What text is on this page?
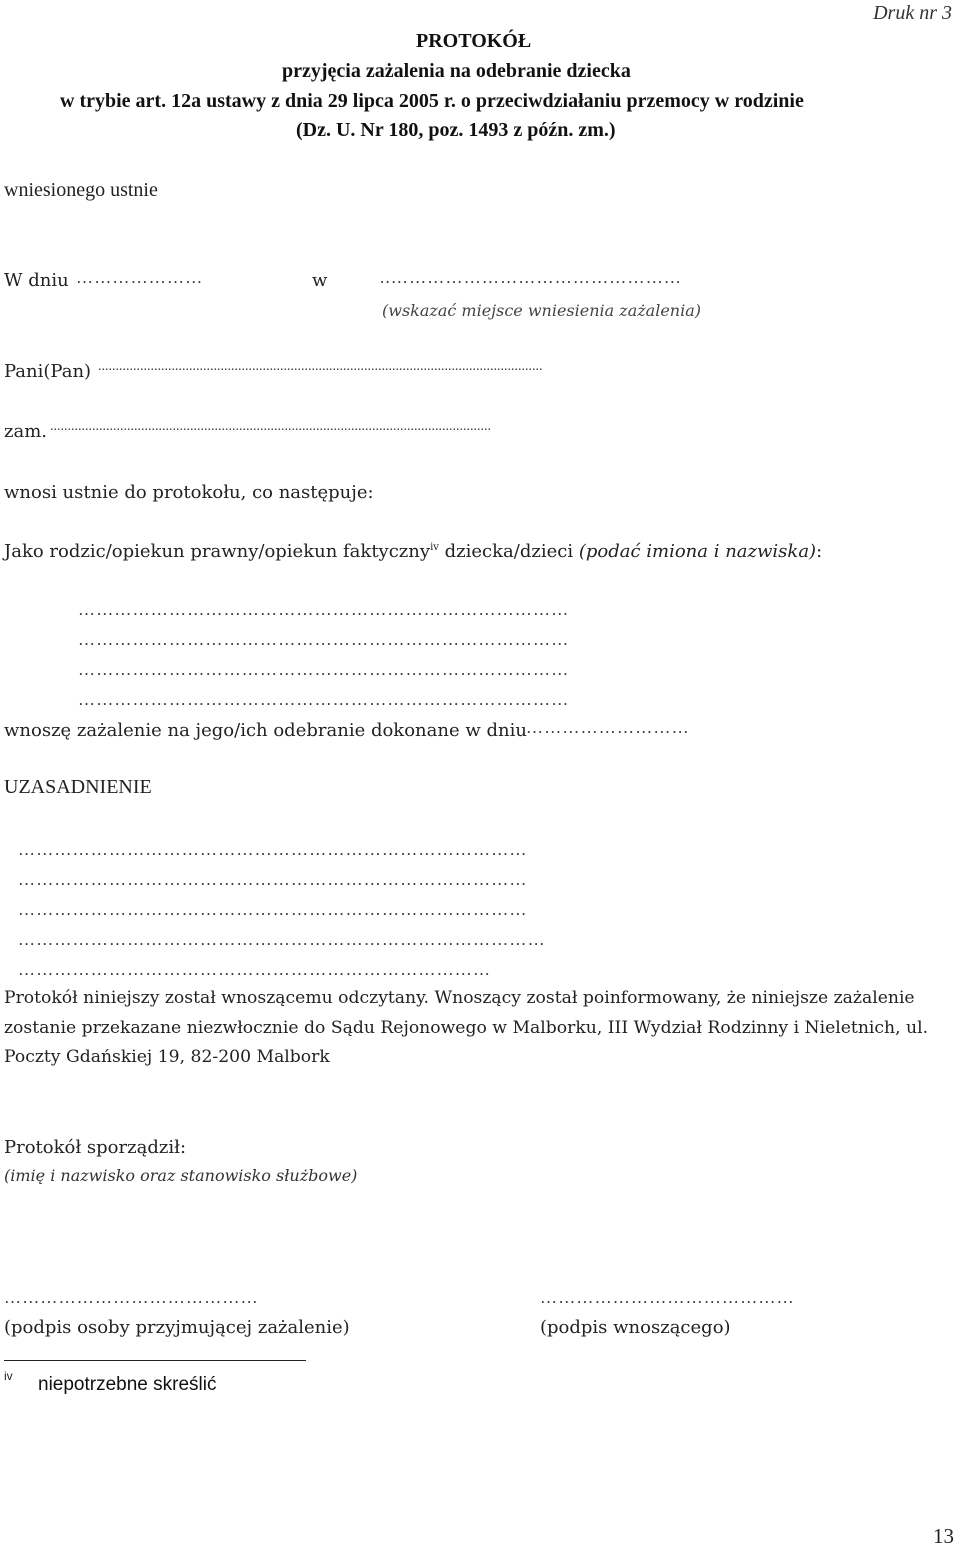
Druk nr 3
PROTOKÓŁ
przyjęcia zażalenia na odebranie dziecka
w trybie art. 12a ustawy z dnia 29 lipca 2005 r. o przeciwdziałaniu przemocy w rodzinie
(Dz. U. Nr 180, poz. 1493 z późn. zm.)
wniesionego ustnie
W dniu …………………	w	..…………………………………………
(wskazać miejsce wniesienia zażalenia)
Pani(Pan) ...............................................................................................................................
zam. ..............................................................................................................................
wnosi ustnie do protokołu, co następuje:
Jako rodzic/opiekun prawny/opiekun faktyczny$^{iv}$ dziecka/dzieci (podać imiona i nazwiska):
………………………………………………………………………
………………………………………………………………………
………………………………………………………………………
………………………………………………………………………
wnoszę zażalenie na jego/ich odebranie dokonane w dniu ………………………
UZASADNIENIE
…………………………………………………………………………
…………………………………………………………………………
…………………………………………………………………………
……………………………………………………………………………
……………………………………………………………………
Protokół niniejszy został wnoszącemu odczytany. Wnoszący został poinformowany, że niniejsze zażalenie
zostanie przekazane niezwłocznie do Sądu Rejonowego w Malborku, III Wydział Rodzinny i Nieletnich, ul.
Poczty Gdańskiej 19, 82-200 Malbork
Protokół sporządził:
(imię i nazwisko oraz stanowisko służbowe)
……………………………………
(podpis osoby przyjmującej zażalenie)
……………………………………
(podpis wnoszącego)
iv niepotrzebne skreślić
13
